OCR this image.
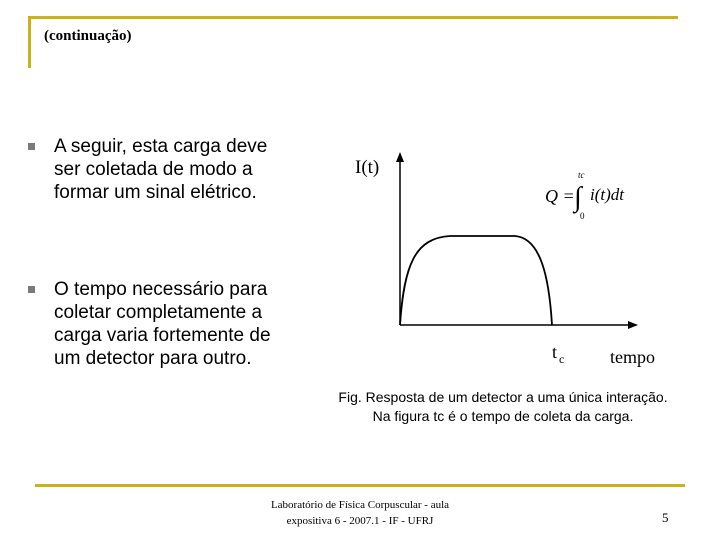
(continuação)
A seguir, esta carga deve ser coletada de modo a formar um sinal elétrico.
O tempo necessário para coletar completamente a carga varia fortemente de um detector para outro.
I(t)
tempo
t c
Q = ∫
tc
0
i(t)dt
Fig. Resposta de um detector a uma única interação.
Na figura tc é o tempo de coleta da carga.
Laboratório de Física Corpuscular - aula
expositiva 6 - 2007.1 - IF - UFRJ	5
